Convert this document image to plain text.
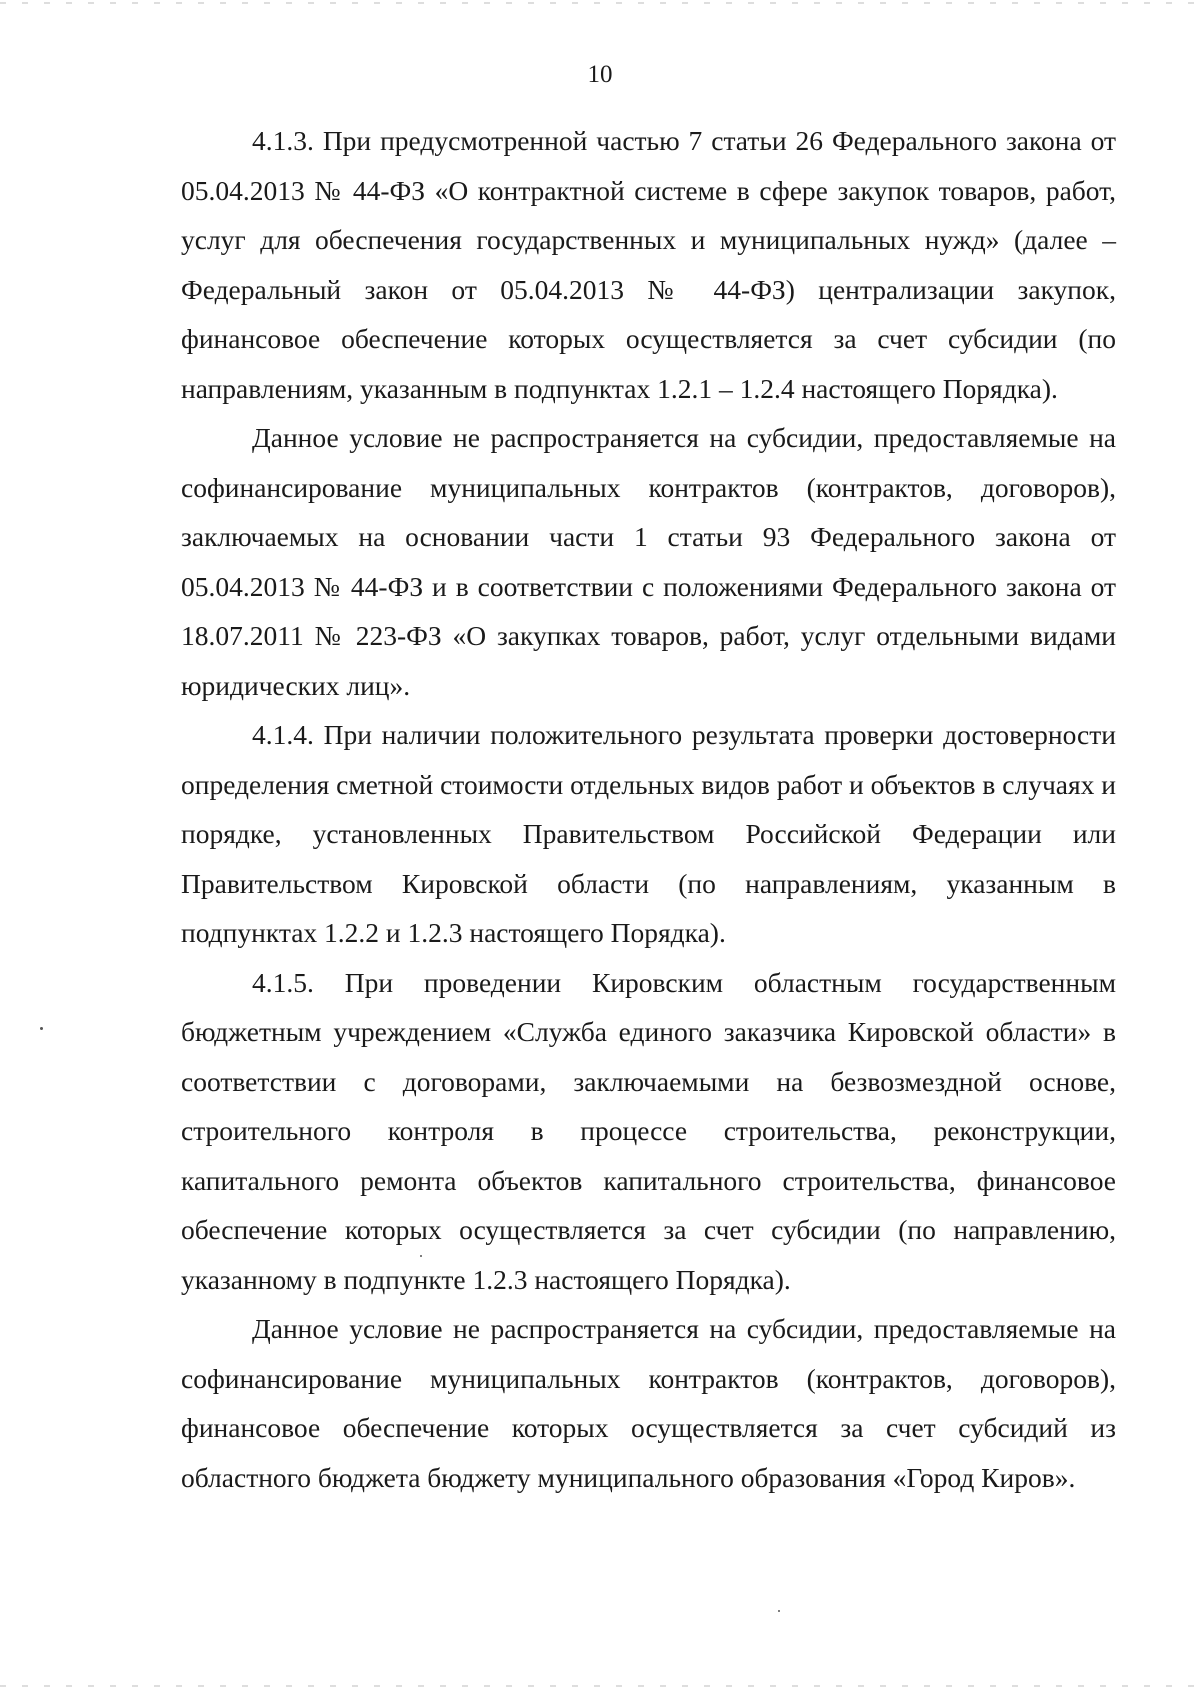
10

4.1.3. При предусмотренной частью 7 статьи 26 Федерального закона от 05.04.2013 № 44-ФЗ «О контрактной системе в сфере закупок товаров, работ, услуг для обеспечения государственных и муниципальных нужд» (далее – Федеральный закон от 05.04.2013 № 44-ФЗ) централизации закупок, финансовое обеспечение которых осуществляется за счет субсидии (по направлениям, указанным в подпунктах 1.2.1 – 1.2.4 настоящего Порядка).

Данное условие не распространяется на субсидии, предоставляемые на софинансирование муниципальных контрактов (контрактов, договоров), заключаемых на основании части 1 статьи 93 Федерального закона от 05.04.2013 № 44-ФЗ и в соответствии с положениями Федерального закона от 18.07.2011 № 223-ФЗ «О закупках товаров, работ, услуг отдельными видами юридических лиц».

4.1.4. При наличии положительного результата проверки достоверности определения сметной стоимости отдельных видов работ и объектов в случаях и порядке, установленных Правительством Российской Федерации или Правительством Кировской области (по направлениям, указанным в подпунктах 1.2.2 и 1.2.3 настоящего Порядка).

4.1.5. При проведении Кировским областным государственным бюджетным учреждением «Служба единого заказчика Кировской области» в соответствии с договорами, заключаемыми на безвозмездной основе, строительного контроля в процессе строительства, реконструкции, капитального ремонта объектов капитального строительства, финансовое обеспечение которых осуществляется за счет субсидии (по направлению, указанному в подпункте 1.2.3 настоящего Порядка).

Данное условие не распространяется на субсидии, предоставляемые на софинансирование муниципальных контрактов (контрактов, договоров), финансовое обеспечение которых осуществляется за счет субсидий из областного бюджета бюджету муниципального образования «Город Киров».
